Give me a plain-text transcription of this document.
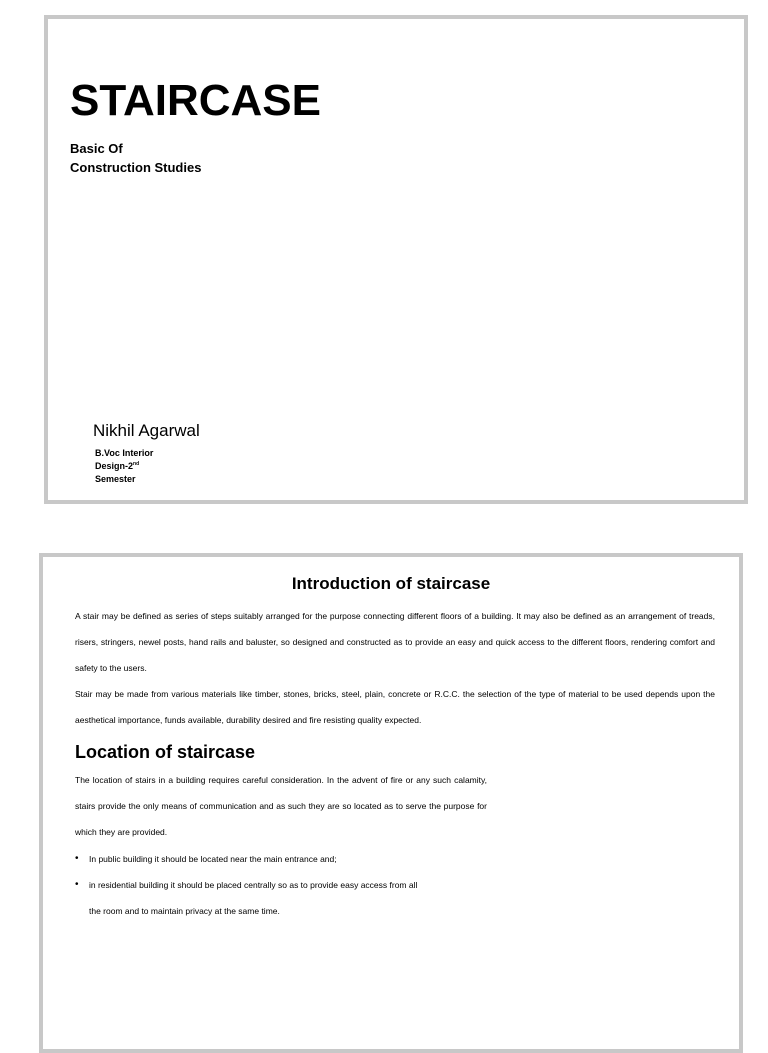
STAIRCASE
Basic Of
Construction Studies
Nikhil Agarwal
B.Voc Interior
Design-2nd
Semester
Introduction of staircase

A stair may be defined as series of steps suitably arranged for the purpose connecting different floors of a building. It may also be defined as an arrangement of treads, risers, stringers, newel posts, hand rails and baluster, so designed and constructed as to provide an easy and quick access to the different floors, rendering comfort and safety to the users.

Stair may be made from various materials like timber, stones, bricks, steel, plain, concrete or R.C.C. the selection of the type of material to be used depends upon the aesthetical importance, funds available, durability desired and fire resisting quality expected.

Location of staircase

The location of stairs in a building requires careful consideration. In the advent of fire or any such calamity, stairs provide the only means of communication and as such they are so located as to serve the purpose for which they are provided.

• In public building it should be located near the main entrance and;
• in residential building it should be placed centrally so as to provide easy access from all
the room and to maintain privacy at the same time.
